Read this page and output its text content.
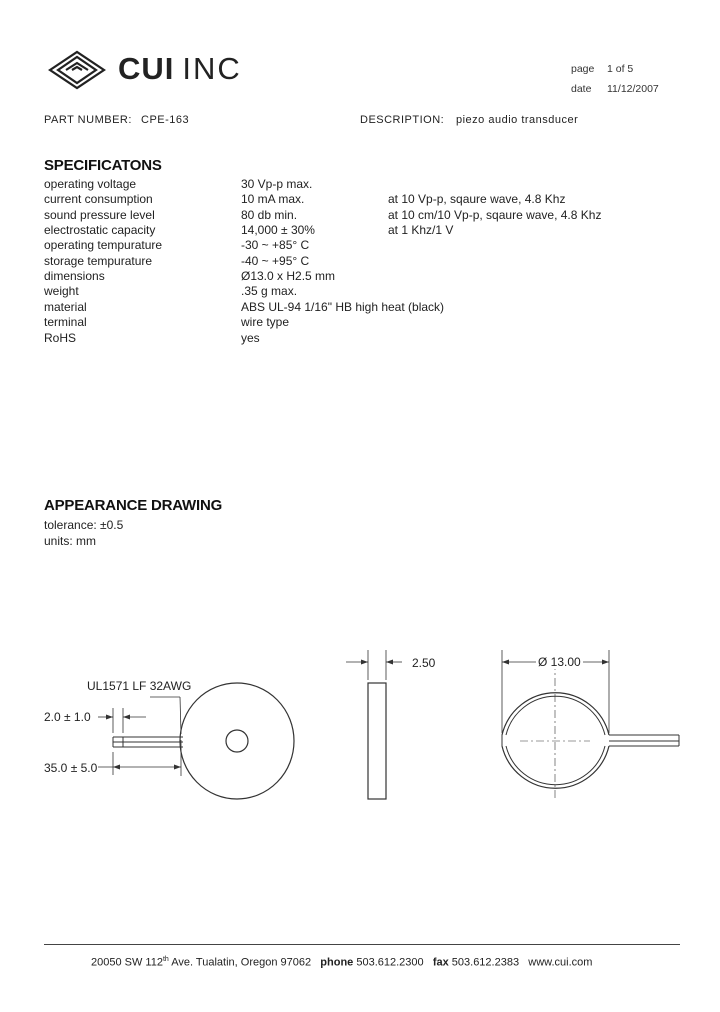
CUI INC	page 1 of 5
date 11/12/2007
PART NUMBER: CPE-163	DESCRIPTION: piezo audio transducer
SPECIFICATONS
operating voltage	30 Vp-p max.
current consumption	10 mA max.	at 10 Vp-p, sqaure wave, 4.8 Khz
sound pressure level	80 db min.	at 10 cm/10 Vp-p, sqaure wave, 4.8 Khz
electrostatic capacity	14,000 ± 30%	at 1 Khz/1 V
operating tempurature	-30 ~ +85° C
storage tempurature	-40 ~ +95° C
dimensions	Ø13.0 x H2.5 mm
weight	.35 g max.
material	ABS UL-94 1/16" HB high heat (black)
terminal	wire type
RoHS	yes
APPEARANCE DRAWING
tolerance: ±0.5
units: mm
UL1571 LF 32AWG
2.0 ± 1.0
35.0 ± 5.0
2.50	Ø 13.00
20050 SW 112th Ave. Tualatin, Oregon 97062 phone 503.612.2300 fax 503.612.2383 www.cui.com
